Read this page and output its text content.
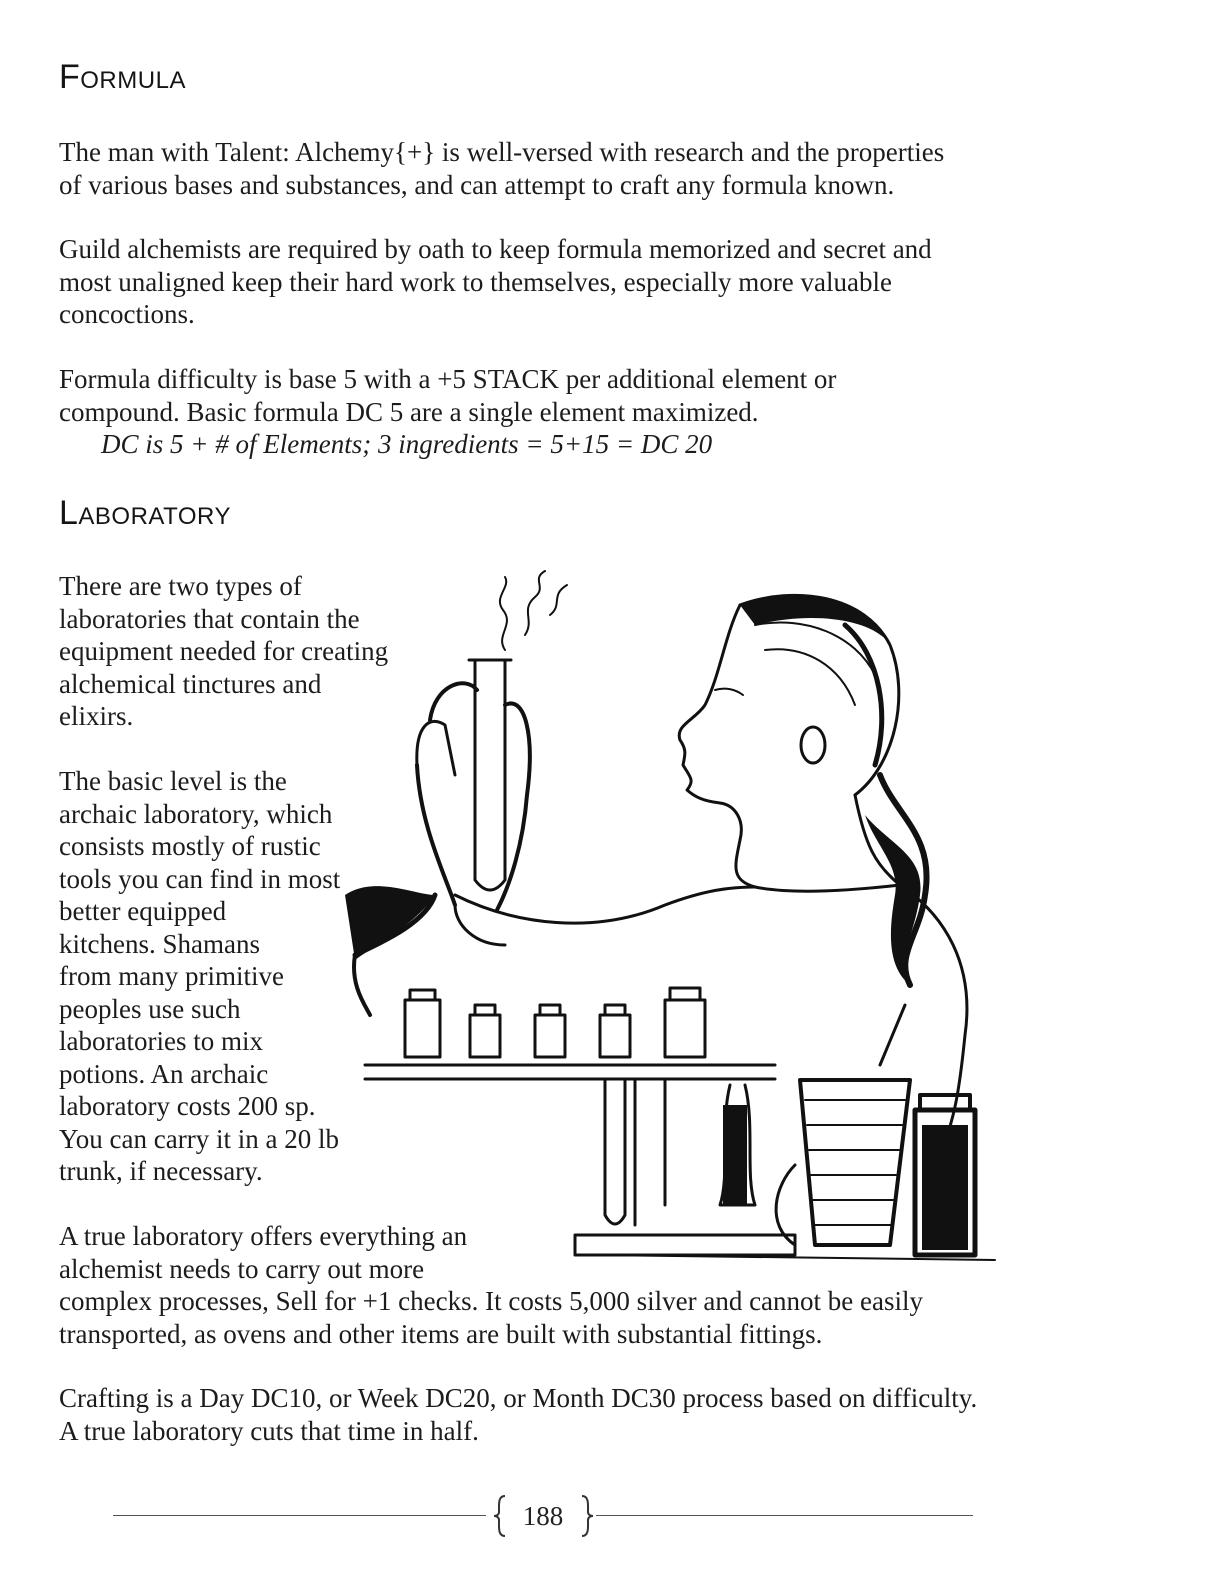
Formula

The man with Talent: Alchemy{+} is well-versed with research and the properties
of various bases and substances, and can attempt to craft any formula known.

Guild alchemists are required by oath to keep formula memorized and secret and
most unaligned keep their hard work to themselves, especially more valuable
concoctions.

Formula difficulty is base 5 with a +5 STACK per additional element or
compound. Basic formula DC 5 are a single element maximized.
DC is 5 + # of Elements; 3 ingredients = 5+15 = DC 20

Laboratory

There are two types of
laboratories that contain the
equipment needed for creating
alchemical tinctures and
elixirs.

The basic level is the
archaic laboratory, which
consists mostly of rustic
tools you can find in most
better equipped
kitchens. Shamans
from many primitive
peoples use such
laboratories to mix
potions. An archaic
laboratory costs 200 sp.
You can carry it in a 20 lb
trunk, if necessary.

A true laboratory offers everything an
alchemist needs to carry out more
complex processes, Sell for +1 checks. It costs 5,000 silver and cannot be easily
transported, as ovens and other items are built with substantial fittings.

Crafting is a Day DC10, or Week DC20, or Month DC30 process based on difficulty.
A true laboratory cuts that time in half.

188
